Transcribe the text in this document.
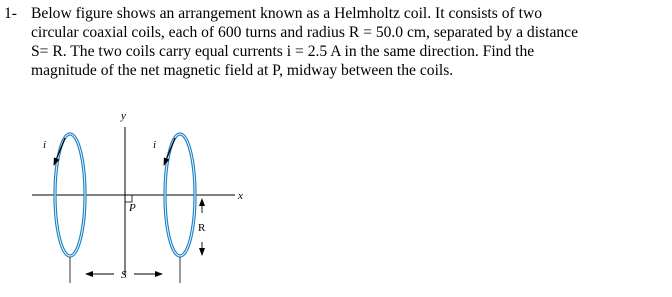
1- Below figure shows an arrangement known as a Helmholtz coil. It consists of two
circular coaxial coils, each of 600 turns and radius R = 50.0 cm, separated by a distance
S= R. The two coils carry equal currents i = 2.5 A in the same direction. Find the
magnitude of the net magnetic field at P, midway between the coils.
x
y
i	i
P
R
S
